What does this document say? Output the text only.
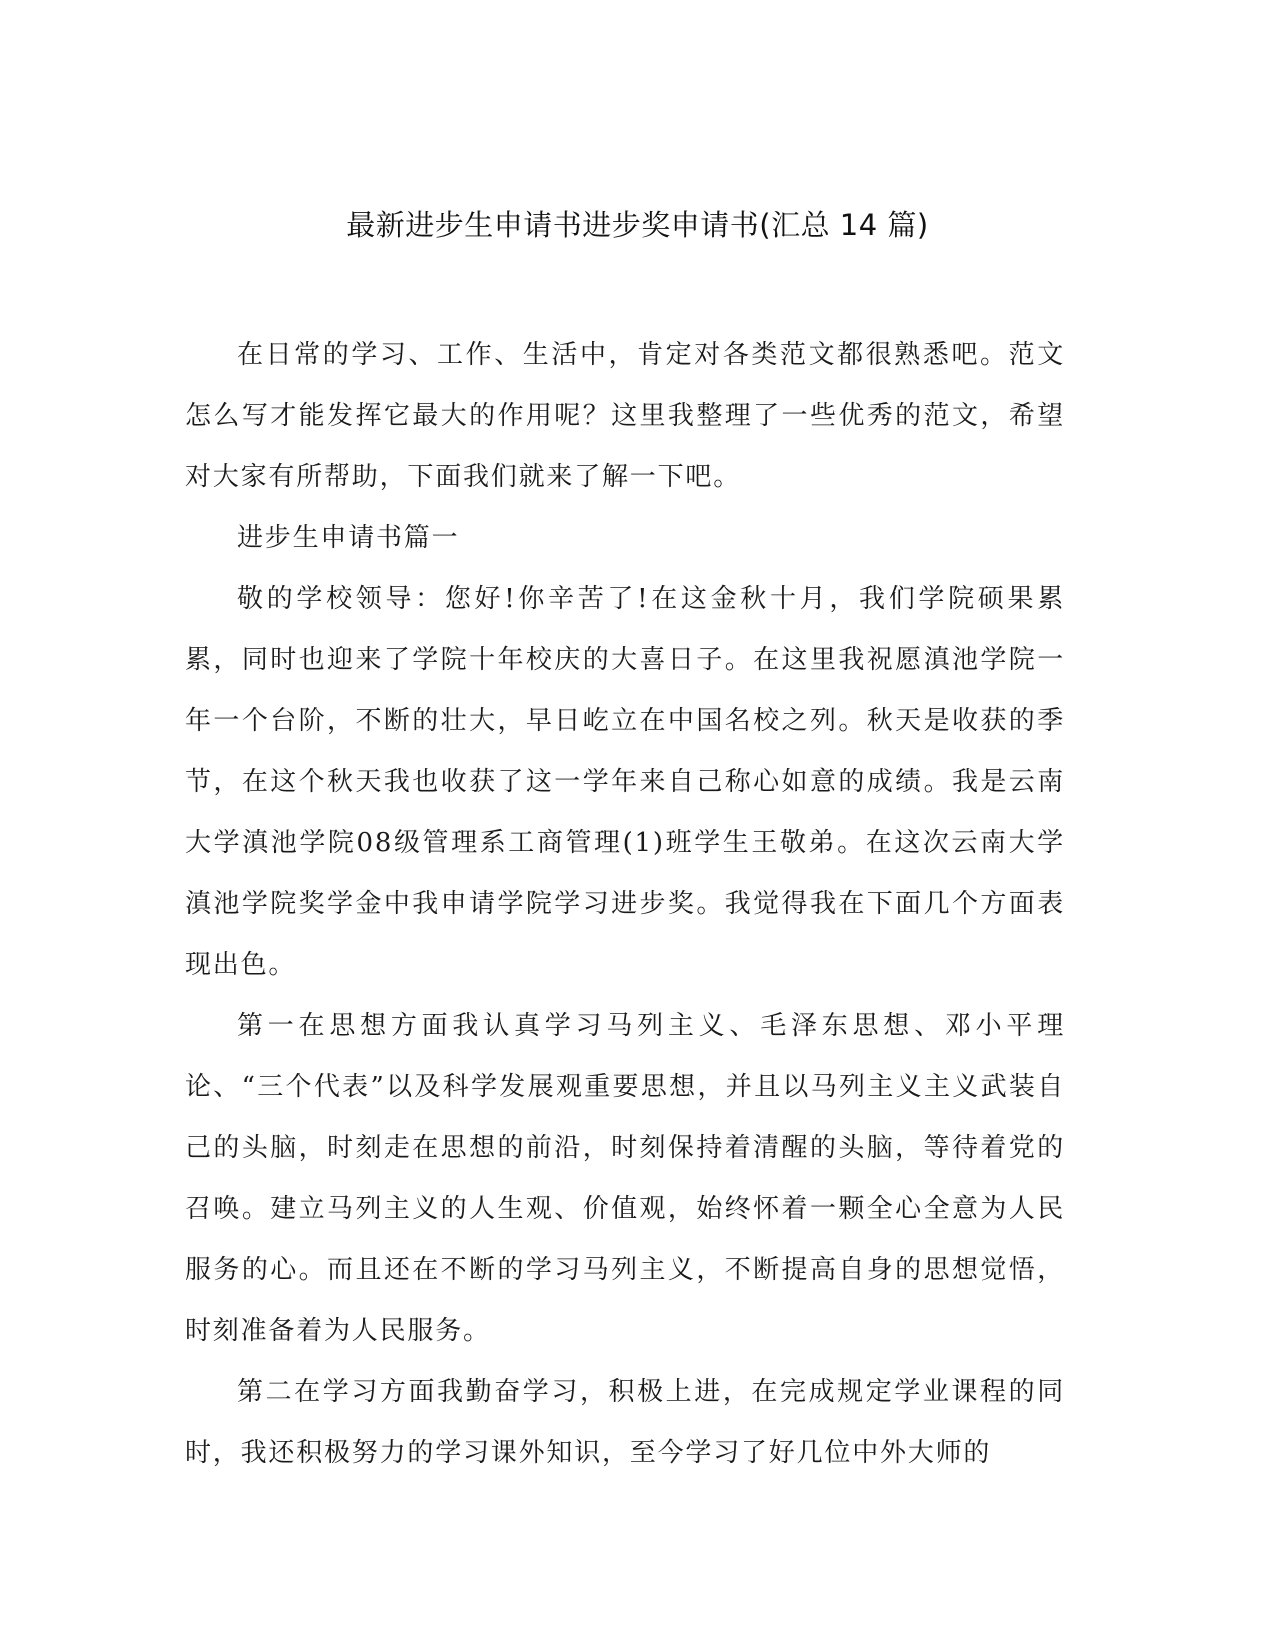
最新进步生申请书进步奖申请书(汇总 14 篇)

在日常的学习、工作、生活中，肯定对各类范文都很熟悉吧。范文怎么写才能发挥它最大的作用呢？这里我整理了一些优秀的范文，希望对大家有所帮助，下面我们就来了解一下吧。

进步生申请书篇一

敬的学校领导：您好!你辛苦了!在这金秋十月，我们学院硕果累累，同时也迎来了学院十年校庆的大喜日子。在这里我祝愿滇池学院一年一个台阶，不断的壮大，早日屹立在中国名校之列。秋天是收获的季节，在这个秋天我也收获了这一学年来自己称心如意的成绩。我是云南大学滇池学院08级管理系工商管理(1)班学生王敬弟。在这次云南大学滇池学院奖学金中我申请学院学习进步奖。我觉得我在下面几个方面表现出色。

第一在思想方面我认真学习马列主义、毛泽东思想、邓小平理论、“三个代表”以及科学发展观重要思想，并且以马列主义主义武装自己的头脑，时刻走在思想的前沿，时刻保持着清醒的头脑，等待着党的召唤。建立马列主义的人生观、价值观，始终怀着一颗全心全意为人民服务的心。而且还在不断的学习马列主义，不断提高自身的思想觉悟，时刻准备着为人民服务。

第二在学习方面我勤奋学习，积极上进，在完成规定学业课程的同时，我还积极努力的学习课外知识，至今学习了好几位中外大师的
